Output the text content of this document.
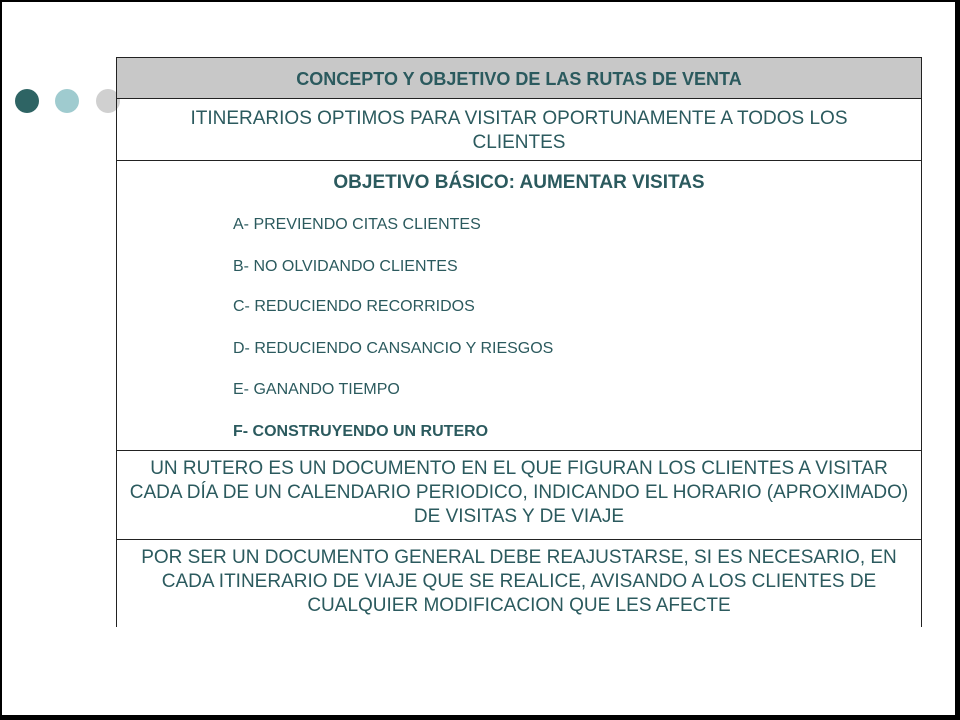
CONCEPTO Y OBJETIVO DE LAS RUTAS DE VENTA

ITINERARIOS OPTIMOS PARA VISITAR OPORTUNAMENTE A TODOS LOS CLIENTES

OBJETIVO BÁSICO: AUMENTAR VISITAS

A- PREVIENDO CITAS CLIENTES
B- NO OLVIDANDO CLIENTES
C- REDUCIENDO RECORRIDOS
D- REDUCIENDO CANSANCIO Y RIESGOS
E- GANANDO TIEMPO
F- CONSTRUYENDO UN RUTERO

UN RUTERO ES UN DOCUMENTO EN EL QUE FIGURAN LOS CLIENTES A VISITAR CADA DÍA DE UN CALENDARIO PERIODICO, INDICANDO EL HORARIO (APROXIMADO) DE VISITAS Y DE VIAJE

POR SER UN DOCUMENTO GENERAL DEBE REAJUSTARSE, SI ES NECESARIO, EN CADA ITINERARIO DE VIAJE QUE SE REALICE, AVISANDO A LOS CLIENTES DE CUALQUIER MODIFICACION QUE LES AFECTE
